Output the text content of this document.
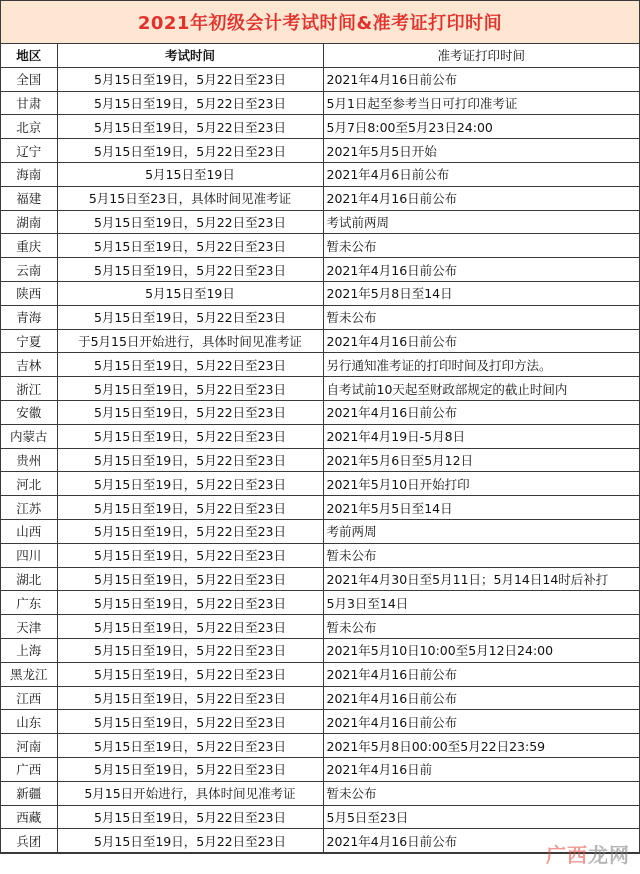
2021年初级会计考试时间&准考证打印时间
地区	考试时间	准考证打印时间
全国	5月15日至19日，5月22日至23日	2021年4月16日前公布
甘肃	5月15日至19日，5月22日至23日	5月1日起至参考当日可打印准考证
北京	5月15日至19日，5月22日至23日	5月7日8:00至5月23日24:00
辽宁	5月15日至19日，5月22日至23日	2021年5月5日开始
海南	5月15日至19日	2021年4月6日前公布
福建	5月15日至23日，具体时间见准考证	2021年4月16日前公布
湖南	5月15日至19日，5月22日至23日	考试前两周
重庆	5月15日至19日，5月22日至23日	暂未公布
云南	5月15日至19日，5月22日至23日	2021年4月16日前公布
陕西	5月15日至19日	2021年5月8日至14日
青海	5月15日至19日，5月22日至23日	暂未公布
宁夏	于5月15日开始进行，具体时间见准考证	2021年4月16日前公布
吉林	5月15日至19日，5月22日至23日	另行通知准考证的打印时间及打印方法。
浙江	5月15日至19日，5月22日至23日	自考试前10天起至财政部规定的截止时间内
安徽	5月15日至19日，5月22日至23日	2021年4月16日前公布
内蒙古	5月15日至19日，5月22日至23日	2021年4月19日-5月8日
贵州	5月15日至19日，5月22日至23日	2021年5月6日至5月12日
河北	5月15日至19日，5月22日至23日	2021年5月10日开始打印
江苏	5月15日至19日，5月22日至23日	2021年5月5日至14日
山西	5月15日至19日，5月22日至23日	考前两周
四川	5月15日至19日，5月22日至23日	暂未公布
湖北	5月15日至19日，5月22日至23日	2021年4月30日至5月11日；5月14日14时后补打
广东	5月15日至19日，5月22日至23日	5月3日至14日
天津	5月15日至19日，5月22日至23日	暂未公布
上海	5月15日至19日，5月22日至23日	2021年5月10日10:00至5月12日24:00
黑龙江	5月15日至19日，5月22日至23日	2021年4月16日前公布
江西	5月15日至19日，5月22日至23日	2021年4月16日前公布
山东	5月15日至19日，5月22日至23日	2021年4月16日前公布
河南	5月15日至19日，5月22日至23日	2021年5月8日00:00至5月22日23:59
广西	5月15日至19日，5月22日至23日	2021年4月16日前
新疆	5月15日开始进行，具体时间见准考证	暂未公布
西藏	5月15日至19日，5月22日至23日	5月5日至23日
兵团	5月15日至19日，5月22日至23日	2021年4月16日前公布
广西龙网
